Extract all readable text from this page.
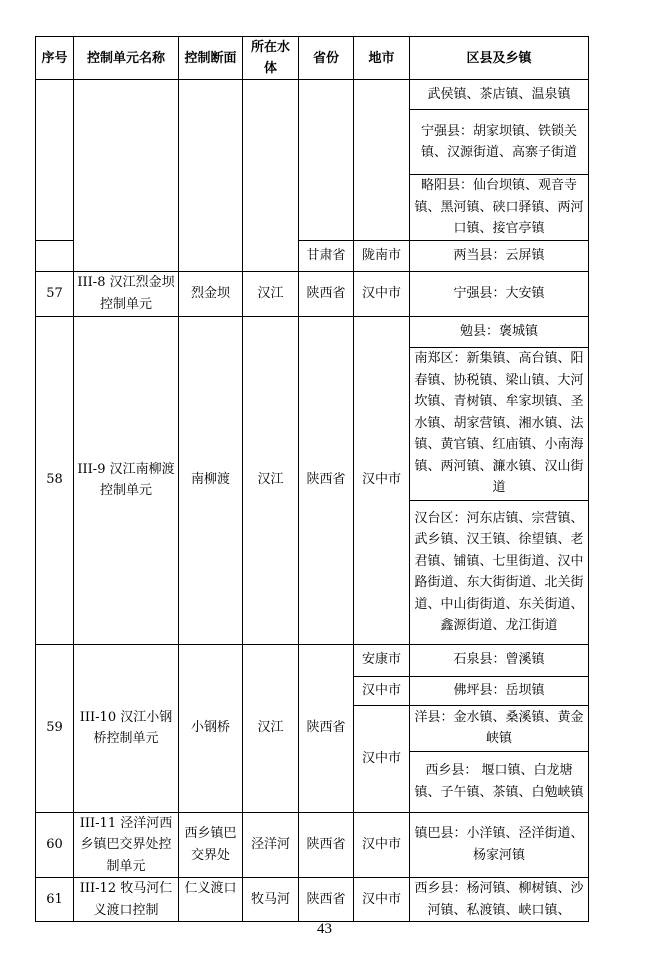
序号	控制单元名称	控制断面	所在水体	省份	地市	区县及乡镇
						武侯镇、茶店镇、温泉镇
						宁强县：胡家坝镇、铁锁关镇、汉源街道、高寨子街道
						略阳县：仙台坝镇、观音寺镇、黑河镇、硖口驿镇、两河口镇、接官亭镇
				甘肃省	陇南市	两当县：云屏镇
57	III-8 汉江烈金坝控制单元	烈金坝	汉江	陕西省	汉中市	宁强县：大安镇
58	III-9 汉江南柳渡控制单元	南柳渡	汉江	陕西省	汉中市	勉县：褒城镇
						南郑区：新集镇、高台镇、阳春镇、协税镇、梁山镇、大河坎镇、青树镇、牟家坝镇、圣水镇、胡家营镇、湘水镇、法镇、黄官镇、红庙镇、小南海镇、两河镇、濂水镇、汉山街道
						汉台区：河东店镇、宗营镇、武乡镇、汉王镇、徐望镇、老君镇、铺镇、七里街道、汉中路街道、东大街街道、北关街道、中山街街道、东关街道、鑫源街道、龙江街道
59	III-10 汉江小钢桥控制单元	小钢桥	汉江	陕西省	安康市	石泉县：曾溪镇
					汉中市	佛坪县：岳坝镇
					汉中市	洋县：金水镇、桑溪镇、黄金峡镇
						西乡县： 堰口镇、白龙塘镇、子午镇、茶镇、白勉峡镇
60	III-11 泾洋河西乡镇巴交界处控制单元	西乡镇巴交界处	泾洋河	陕西省	汉中市	镇巴县：小洋镇、泾洋街道、杨家河镇
61	III-12 牧马河仁义渡口控制	仁义渡口	牧马河	陕西省	汉中市	西乡县：杨河镇、柳树镇、沙河镇、私渡镇、峡口镇、
43
